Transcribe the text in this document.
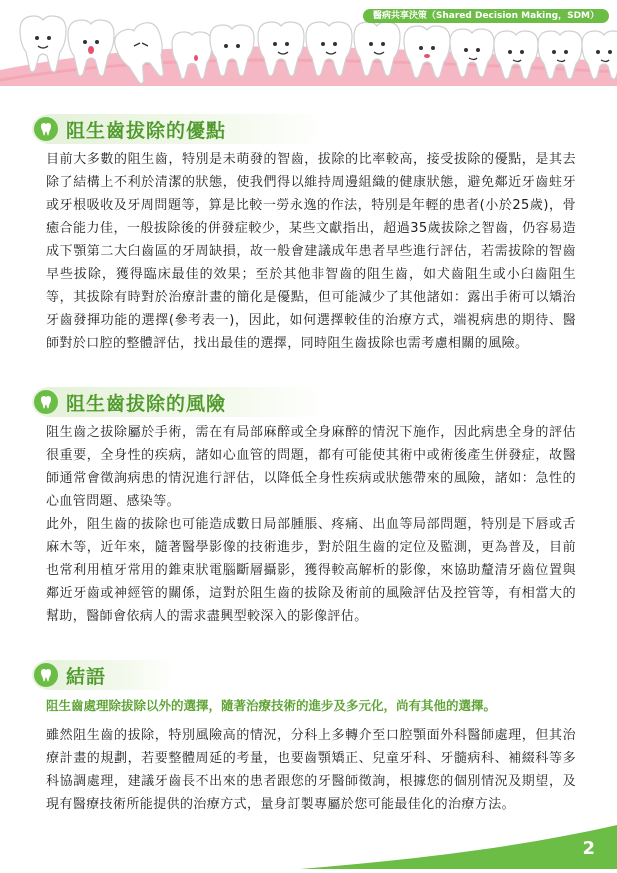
醫病共享決策（Shared Decision Making，SDM）
阻生齒拔除的優點

目前大多數的阻生齒，特別是未萌發的智齒，拔除的比率較高，接受拔除的優點，是其去除了結構上不利於清潔的狀態，使我們得以維持周邊組織的健康狀態，避免鄰近牙齒蛀牙或牙根吸收及牙周問題等，算是比較一勞永逸的作法，特別是年輕的患者(小於25歲)，骨癒合能力佳，一般拔除後的併發症較少，某些文獻指出，超過35歲拔除之智齒，仍容易造成下顎第二大臼齒區的牙周缺損，故一般會建議成年患者早些進行評估，若需拔除的智齒早些拔除，獲得臨床最佳的效果；至於其他非智齒的阻生齒，如犬齒阻生或小臼齒阻生等，其拔除有時對於治療計畫的簡化是優點，但可能減少了其他諸如：露出手術可以矯治牙齒發揮功能的選擇(參考表一)，因此，如何選擇較佳的治療方式，端視病患的期待、醫師對於口腔的整體評估，找出最佳的選擇，同時阻生齒拔除也需考慮相關的風險。

阻生齒拔除的風險

阻生齒之拔除屬於手術，需在有局部麻醉或全身麻醉的情況下施作，因此病患全身的評估很重要，全身性的疾病，諸如心血管的問題，都有可能使其術中或術後產生併發症，故醫師通常會徵詢病患的情況進行評估，以降低全身性疾病或狀態帶來的風險，諸如：急性的心血管問題、感染等。

此外，阻生齒的拔除也可能造成數日局部腫脹、疼痛、出血等局部問題，特別是下唇或舌麻木等，近年來，隨著醫學影像的技術進步，對於阻生齒的定位及監測，更為普及，目前也常利用植牙常用的錐束狀電腦斷層攝影，獲得較高解析的影像，來協助釐清牙齒位置與鄰近牙齒或神經管的關係，這對於阻生齒的拔除及術前的風險評估及控管等，有相當大的幫助，醫師會依病人的需求盡興型較深入的影像評估。

結語

阻生齒處理除拔除以外的選擇，隨著治療技術的進步及多元化，尚有其他的選擇。

雖然阻生齒的拔除，特別風險高的情況，分科上多轉介至口腔顎面外科醫師處理，但其治療計畫的規劃，若要整體周延的考量，也要齒顎矯正、兒童牙科、牙髓病科、補綴科等多科協調處理，建議牙齒長不出來的患者跟您的牙醫師徵詢，根據您的個別情況及期望，及現有醫療技術所能提供的治療方式，量身訂製專屬於您可能最佳化的治療方法。

2
